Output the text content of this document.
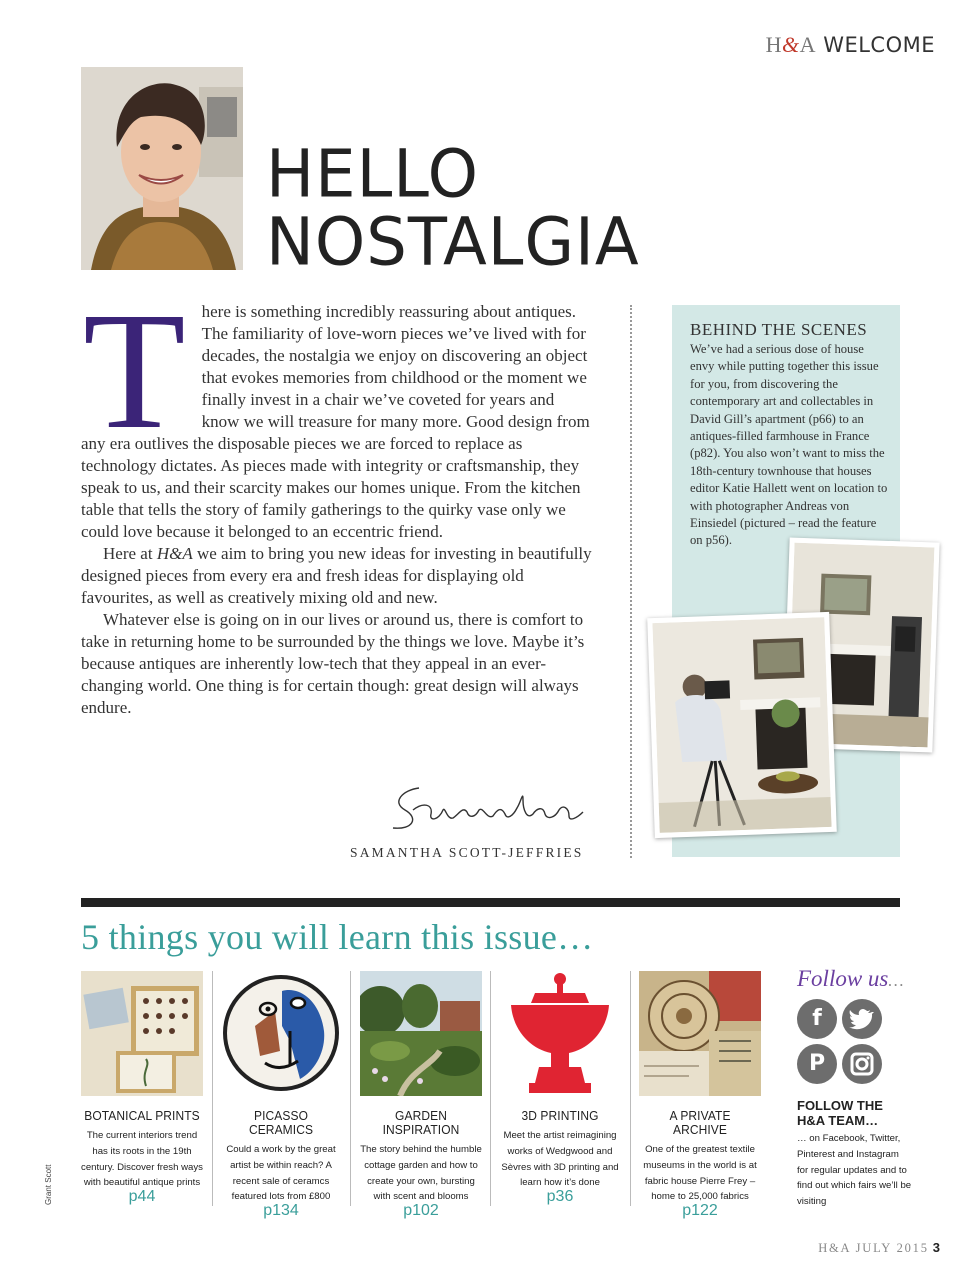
H&A WELCOME
HELLO
NOSTALGIA
T here is something incredibly reassuring about antiques. The familiarity of love-worn pieces we’ve lived with for decades, the nostalgia we enjoy on discovering an object that evokes memories from childhood or the moment we finally invest in a chair we’ve coveted for years and know we will treasure for many more. Good design from any era outlives the disposable pieces we are forced to replace as technology dictates. As pieces made with integrity or craftsmanship, they speak to us, and their scarcity makes our homes unique. From the kitchen table that tells the story of family gatherings to the quirky vase only we could love because it belonged to an eccentric friend.

Here at H&A we aim to bring you new ideas for investing in beautifully designed pieces from every era and fresh ideas for displaying old favourites, as well as creatively mixing old and new.

Whatever else is going on in our lives or around us, there is comfort to take in returning home to be surrounded by the things we love. Maybe it’s because antiques are inherently low-tech that they appeal in an ever-changing world. One thing is for certain though: great design will always endure.

SAMANTHA SCOTT-JEFFRIES
BEHIND THE SCENES
We’ve had a serious dose of house envy while putting together this issue for you, from discovering the contemporary art and collectables in David Gill’s apartment (p66) to an antiques-filled farmhouse in France (p82). You also won’t want to miss the 18th-century townhouse that houses editor Katie Hallett went on location to with photographer Andreas von Einsiedel (pictured – read the feature on p56).
5 things you will learn this issue…
BOTANICAL PRINTS
The current interiors trend has its roots in the 19th century. Discover fresh ways with beautiful antique prints
p44
PICASSO CERAMICS
Could a work by the great artist be within reach? A recent sale of ceramcs featured lots from £800
p134
GARDEN INSPIRATION
The story behind the humble cottage garden and how to create your own, bursting with scent and blooms
p102
3D PRINTING
Meet the artist reimagining works of Wedgwood and Sèvres with 3D printing and learn how it’s done
p36
A PRIVATE ARCHIVE
One of the greatest textile museums in the world is at fabric house Pierre Frey – home to 25,000 fabrics
p122
Follow us…
f
P
FOLLOW THE H&A TEAM…
… on Facebook, Twitter, Pinterest and Instagram for regular updates and to find out which fairs we’ll be visiting
Grant Scott
H&A JULY 2015 3
